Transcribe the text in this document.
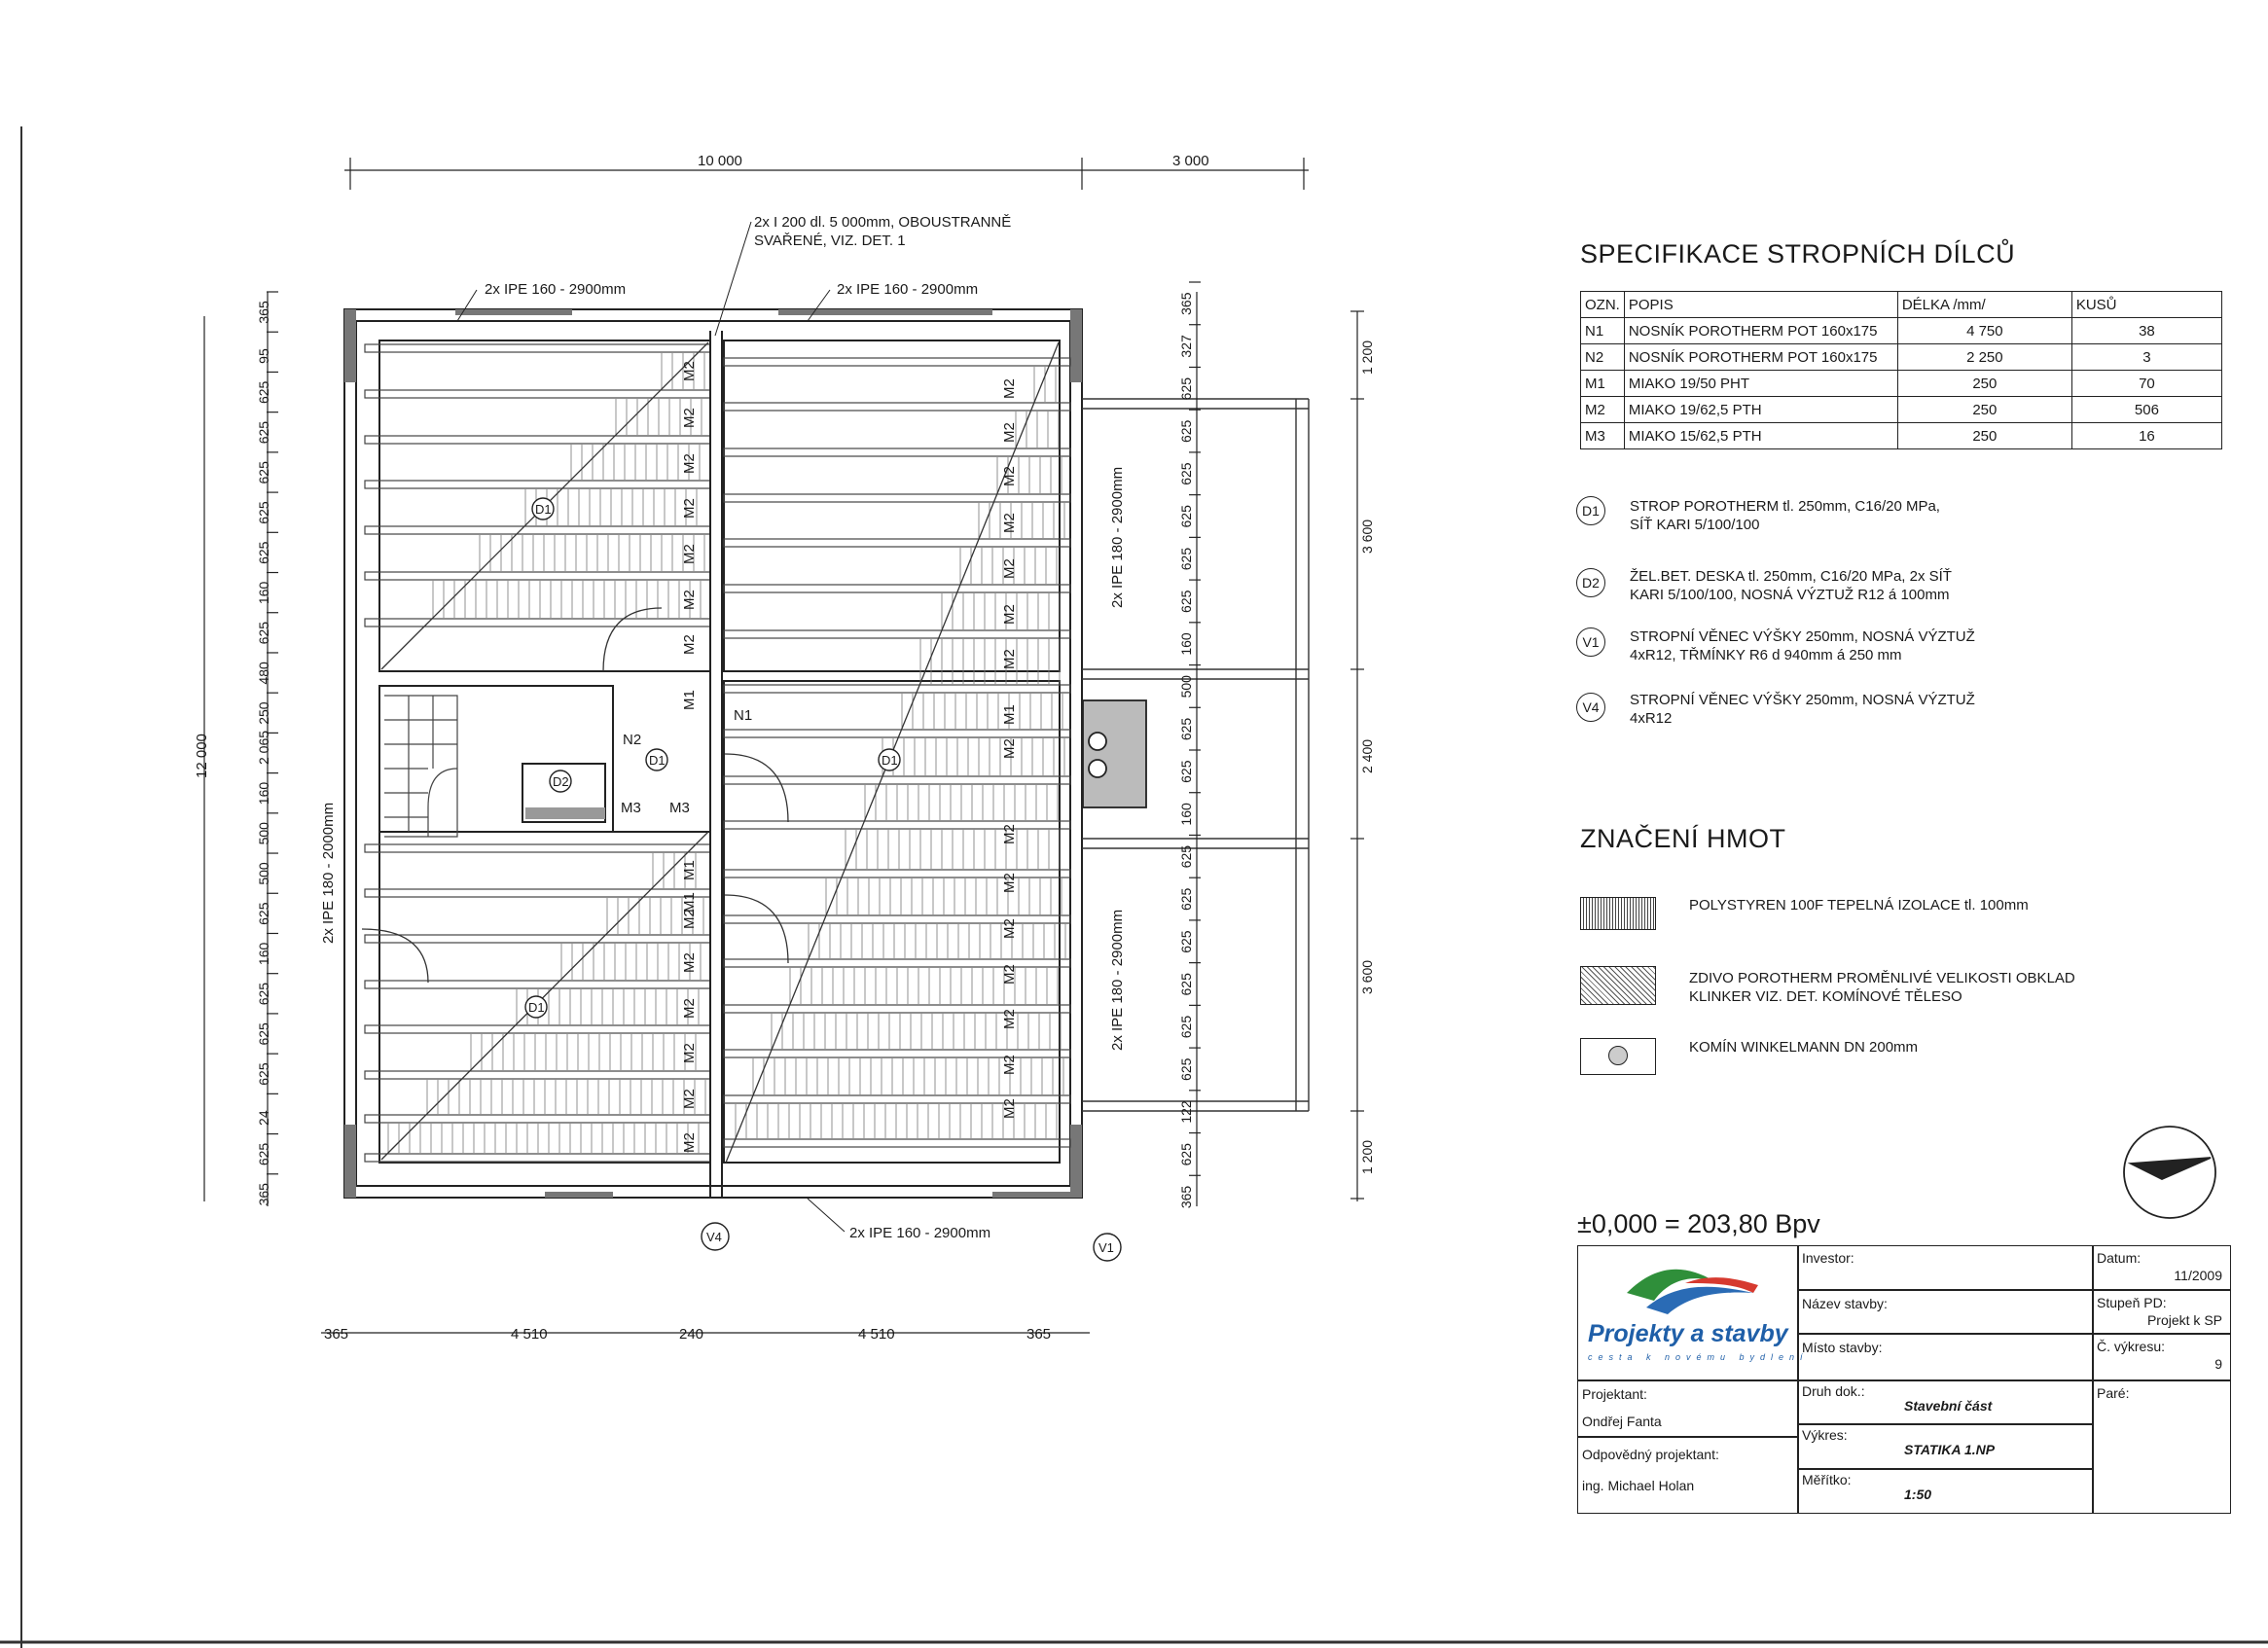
10 000	3 000
365	4 510	240	4 510	365
12 000
365
95
625
625
625
625
625
160
625
480
250
2 065
160
500
500
625
160
625
625
625
24
625
365
365
327
625
625
625
625
625
625
160
500
625
625
160
625
625
625
625
625
625
122
625
365
1 200
3 600
2 400
3 600
1 200
2x IPE 160 - 2900mm	2x IPE 160 - 2900mm
2x I 200 dl. 5 000mm, OBOUSTRANNĚ
SVAŘENÉ, VIZ. DET. 1
2x IPE 160 - 2900mm
2x IPE 180 - 2900mm
2x IPE 180 - 2900mm
2x IPE 180 - 2000mm
M2
M2
M2
M2
M2
M2
M2
M2
M2
M2
M2
M2
M2
M2
M2
M2
M2
M2
M2
M2
M2
M2
M2
M2
M2
M2
M2
M2
M1
M1
M1
M1
N1
N2
M3 M3
D1
D1	D1
D2
D1
V4
V1
SPECIFIKACE STROPNÍCH DÍLCŮ
OZN.	POPIS	DÉLKA /mm/	KUSŮ
N1	NOSNÍK POROTHERM POT 160x175	4 750	38
N2	NOSNÍK POROTHERM POT 160x175	2 250	3
M1	MIAKO 19/50 PHT	250	70
M2	MIAKO 19/62,5 PTH	250	506
M3	MIAKO 15/62,5 PTH	250	16
D1	STROP POROTHERM tl. 250mm, C16/20 MPa,
SÍŤ KARI 5/100/100
D2	ŽEL.BET. DESKA tl. 250mm, C16/20 MPa, 2x SÍŤ
KARI 5/100/100, NOSNÁ VÝZTUŽ R12 á 100mm
V1	STROPNÍ VĚNEC VÝŠKY 250mm, NOSNÁ VÝZTUŽ
4xR12, TŘMÍNKY R6 d 940mm á 250 mm
V4	STROPNÍ VĚNEC VÝŠKY 250mm, NOSNÁ VÝZTUŽ
4xR12
ZNAČENÍ HMOT
POLYSTYREN 100F TEPELNÁ IZOLACE tl. 100mm
ZDIVO POROTHERM PROMĚNLIVÉ VELIKOSTI OBKLAD
KLINKER VIZ. DET. KOMÍNOVÉ TĚLESO
KOMÍN WINKELMANN DN 200mm
±0,000 = 203,80 Bpv
Projekty a stavby
cesta k novému bydlení
Investor:
Název stavby:
Místo stavby:
Datum:
11/2009
Stupeň PD:
Projekt k SP
Č. výkresu:
9
Paré:
Projektant:
Ondřej Fanta
Odpovědný projektant:
ing. Michael Holan
Druh dok.:
Stavební část
Výkres:
STATIKA 1.NP
Měřítko:
1:50
